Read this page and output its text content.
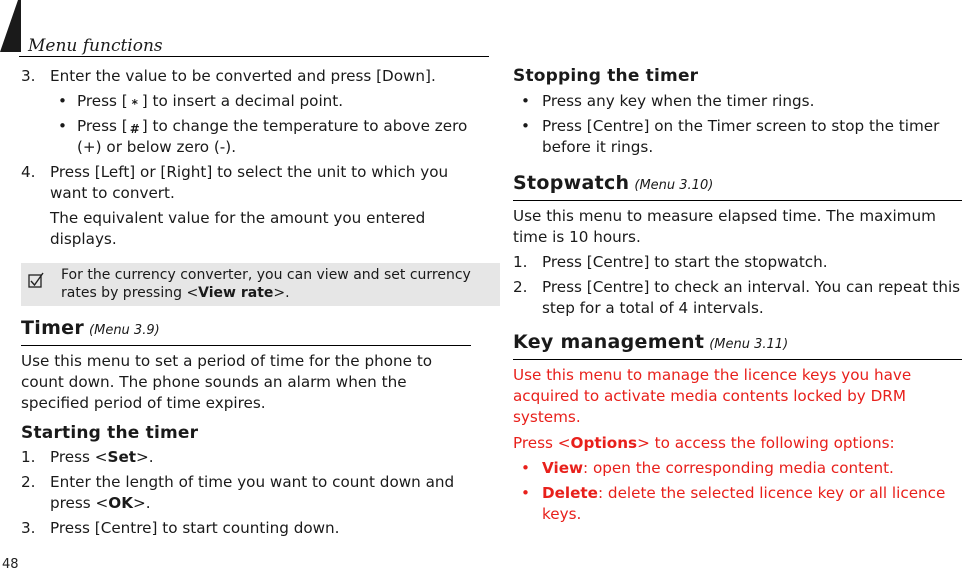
Menu functions
3. Enter the value to be converted and press [Down].
• Press [ * ] to insert a decimal point.
• Press [ # ] to change the temperature to above zero (+) or below zero (-).
4. Press [Left] or [Right] to select the unit to which you want to convert.
The equivalent value for the amount you entered displays.
For the currency converter, you can view and set currency rates by pressing <View rate>.
Timer (Menu 3.9)
Use this menu to set a period of time for the phone to count down. The phone sounds an alarm when the specified period of time expires.
Starting the timer
1. Press <Set>.
2. Enter the length of time you want to count down and press <OK>.
3. Press [Centre] to start counting down.
Stopping the timer
• Press any key when the timer rings.
• Press [Centre] on the Timer screen to stop the timer before it rings.
Stopwatch (Menu 3.10)
Use this menu to measure elapsed time. The maximum time is 10 hours.
1. Press [Centre] to start the stopwatch.
2. Press [Centre] to check an interval. You can repeat this step for a total of 4 intervals.
Key management (Menu 3.11)
Use this menu to manage the licence keys you have acquired to activate media contents locked by DRM systems.
Press <Options> to access the following options:
• View: open the corresponding media content.
• Delete: delete the selected licence key or all licence keys.
48
